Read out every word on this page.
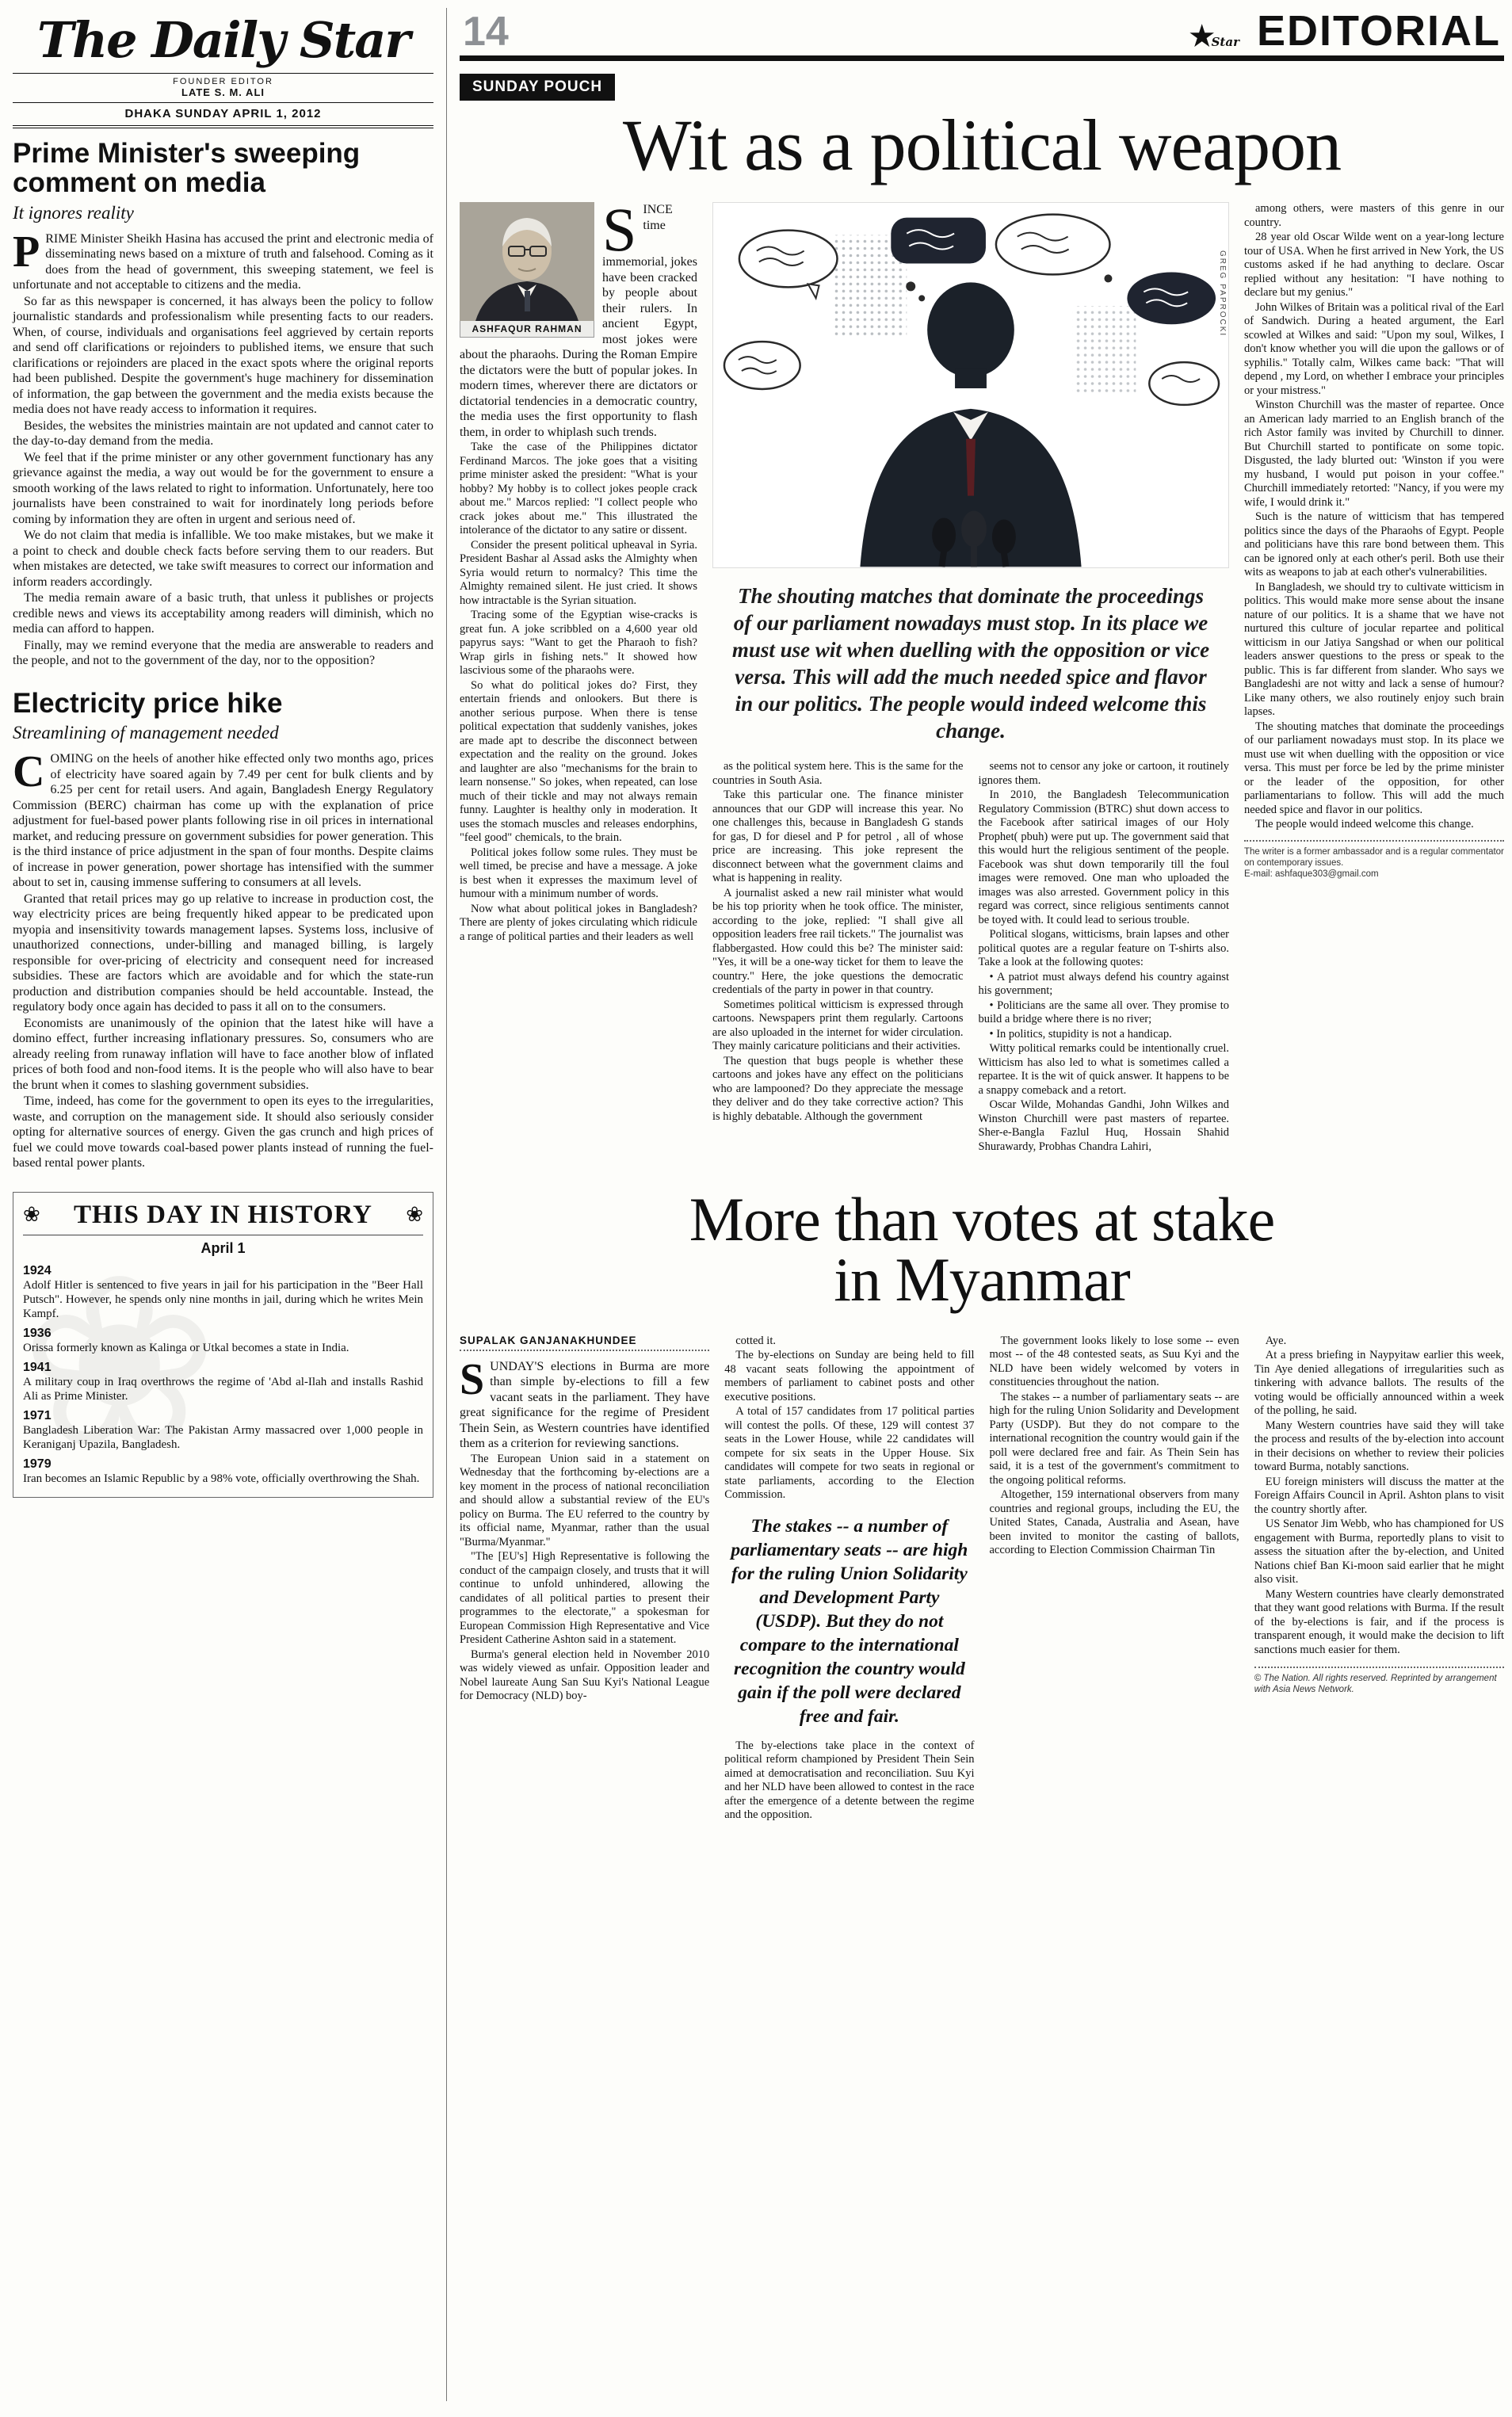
The Daily Star
FOUNDER EDITOR
LATE S. M. ALI
DHAKA SUNDAY APRIL 1, 2012
Prime Minister's sweeping comment on media
It ignores reality

PRIME Minister Sheikh Hasina has accused the print and electronic media of disseminating news based on a mixture of truth and falsehood. Coming as it does from the head of government, this sweeping statement, we feel is unfortunate and not acceptable to citizens and the media.

So far as this newspaper is concerned, it has always been the policy to follow journalistic standards and professionalism while presenting facts to our readers. When, of course, individuals and organisations feel aggrieved by certain reports and send off clarifications or rejoinders to published items, we ensure that such clarifications or rejoinders are placed in the exact spots where the original reports had been published. Despite the government's huge machinery for dissemination of information, the gap between the government and the media exists because the media does not have ready access to information it requires.

Besides, the websites the ministries maintain are not updated and cannot cater to the day-to-day demand from the media.

We feel that if the prime minister or any other government functionary has any grievance against the media, a way out would be for the government to ensure a smooth working of the laws related to right to information. Unfortunately, here too journalists have been constrained to wait for inordinately long periods before coming by information they are often in urgent and serious need of.

We do not claim that media is infallible. We too make mistakes, but we make it a point to check and double check facts before serving them to our readers. But when mistakes are detected, we take swift measures to correct our information and inform readers accordingly.

The media remain aware of a basic truth, that unless it publishes or projects credible news and views its acceptability among readers will diminish, which no media can afford to happen.

Finally, may we remind everyone that the media are answerable to readers and the people, and not to the government of the day, nor to the opposition?

Electricity price hike
Streamlining of management needed

COMING on the heels of another hike effected only two months ago, prices of electricity have soared again by 7.49 per cent for bulk clients and by 6.25 per cent for retail users. And again, Bangladesh Energy Regulatory Commission (BERC) chairman has come up with the explanation of price adjustment for fuel-based power plants following rise in oil prices in international market, and reducing pressure on government subsidies for power generation. This is the third instance of price adjustment in the span of four months. Despite claims of increase in power generation, power shortage has intensified with the summer about to set in, causing immense suffering to consumers at all levels.

Granted that retail prices may go up relative to increase in production cost, the way electricity prices are being frequently hiked appear to be predicated upon myopia and insensitivity towards management lapses. Systems loss, inclusive of unauthorized connections, under-billing and managed billing, is largely responsible for over-pricing of electricity and consequent need for increased subsidies. These are factors which are avoidable and for which the state-run production and distribution companies should be held accountable. Instead, the regulatory body once again has decided to pass it all on to the consumers.

Economists are unanimously of the opinion that the latest hike will have a domino effect, further increasing inflationary pressures. So, consumers who are already reeling from runaway inflation will have to face another blow of inflated prices of both food and non-food items. It is the people who will also have to bear the brunt when it comes to slashing government subsidies.

Time, indeed, has come for the government to open its eyes to the irregularities, waste, and corruption on the management side. It should also seriously consider opting for alternative sources of energy. Given the gas crunch and high prices of fuel we could move towards coal-based power plants instead of running the fuel-based rental power plants.

❀ ❀ THIS DAY IN HISTORY ❀
April 1
1924
Adolf Hitler is sentenced to five years in jail for his participation in the "Beer Hall Putsch". However, he spends only nine months in jail, during which he writes Mein Kampf.
1936
Orissa formerly known as Kalinga or Utkal becomes a state in India.
1941
A military coup in Iraq overthrows the regime of 'Abd al-Ilah and installs Rashid Ali as Prime Minister.
1971
Bangladesh Liberation War: The Pakistan Army massacred over 1,000 people in Keraniganj Upazila, Bangladesh.
1979
Iran becomes an Islamic Republic by a 98% vote, officially overthrowing the Shah.
14	★
Star EDITORIAL
SUNDAY POUCH
Wit as a political weapon
ASHFAQUR RAHMAN

SINCE time immemorial, jokes have been cracked by people about their rulers. In ancient Egypt, most jokes were about the pharaohs. During the Roman Empire the dictators were the butt of popular jokes. In modern times, wherever there are dictators or dictatorial tendencies in a democratic country, the media uses the first opportunity to flash them, in order to whiplash such trends.

Take the case of the Philippines dictator Ferdinand Marcos. The joke goes that a visiting prime minister asked the president: "What is your hobby? My hobby is to collect jokes people crack about me." Marcos replied: "I collect people who crack jokes about me." This illustrated the intolerance of the dictator to any satire or dissent.

Consider the present political upheaval in Syria. President Bashar al Assad asks the Almighty when Syria would return to normalcy? This time the Almighty remained silent. He just cried. It shows how intractable is the Syrian situation.

Tracing some of the Egyptian wise-cracks is great fun. A joke scribbled on a 4,600 year old papyrus says: "Want to get the Pharaoh to fish? Wrap girls in fishing nets." It showed how lascivious some of the pharaohs were.

So what do political jokes do? First, they entertain friends and onlookers. But there is another serious purpose. When there is tense political expectation that suddenly vanishes, jokes are made apt to describe the disconnect between expectation and the reality on the ground. Jokes and laughter are also "mechanisms for the brain to learn nonsense." So jokes, when repeated, can lose much of their tickle and may not always remain funny. Laughter is healthy only in moderation. It uses the stomach muscles and releases endorphins, "feel good" chemicals, to the brain.

Political jokes follow some rules. They must be well timed, be precise and have a message. A joke is best when it expresses the maximum level of humour with a minimum number of words.

Now what about political jokes in Bangladesh? There are plenty of jokes circulating which ridicule a range of political parties and their leaders as well

GREG PAPROCKI
The shouting matches that dominate the proceedings of our parliament nowadays must stop. In its place we must use wit when duelling with the opposition or vice versa. This will add the much needed spice and flavor in our politics. The people would indeed welcome this change.

as the political system here. This is the same for the countries in South Asia.

Take this particular one. The finance minister announces that our GDP will increase this year. No one challenges this, because in Bangladesh G stands for gas, D for diesel and P for petrol , all of whose price are increasing. This joke represent the disconnect between what the government claims and what is happening in reality.

A journalist asked a new rail minister what would be his top priority when he took office. The minister, according to the joke, replied: "I shall give all opposition leaders free rail tickets." The journalist was flabbergasted. How could this be? The minister said: "Yes, it will be a one-way ticket for them to leave the country." Here, the joke questions the democratic credentials of the party in power in that country.

Sometimes political witticism is expressed through cartoons. Newspapers print them regularly. Cartoons are also uploaded in the internet for wider circulation. They mainly caricature politicians and their activities.

The question that bugs people is whether these cartoons and jokes have any effect on the politicians who are lampooned? Do they appreciate the message they deliver and do they take corrective action? This is highly debatable. Although the government

seems not to censor any joke or cartoon, it routinely ignores them.

In 2010, the Bangladesh Telecommunication Regulatory Commission (BTRC) shut down access to the Facebook after satirical images of our Holy Prophet( pbuh) were put up. The government said that this would hurt the religious sentiment of the people. Facebook was shut down temporarily till the foul images were removed. One man who uploaded the images was also arrested. Government policy in this regard was correct, since religious sentiments cannot be toyed with. It could lead to serious trouble.

Political slogans, witticisms, brain lapses and other political quotes are a regular feature on T-shirts also. Take a look at the following quotes:

• A patriot must always defend his country against his government;

• Politicians are the same all over. They promise to build a bridge where there is no river;

• In politics, stupidity is not a handicap.

Witty political remarks could be intentionally cruel. Witticism has also led to what is sometimes called a repartee. It is the wit of quick answer. It happens to be a snappy comeback and a retort.

Oscar Wilde, Mohandas Gandhi, John Wilkes and Winston Churchill were past masters of repartee. Sher-e-Bangla Fazlul Huq, Hossain Shahid Shurawardy, Probhas Chandra Lahiri,

among others, were masters of this genre in our country.

28 year old Oscar Wilde went on a year-long lecture tour of USA. When he first arrived in New York, the US customs asked if he had anything to declare. Oscar replied without any hesitation: "I have nothing to declare but my genius."

John Wilkes of Britain was a political rival of the Earl of Sandwich. During a heated argument, the Earl scowled at Wilkes and said: "Upon my soul, Wilkes, I don't know whether you will die upon the gallows or of syphilis." Totally calm, Wilkes came back: "That will depend , my Lord, on whether I embrace your principles or your mistress."

Winston Churchill was the master of repartee. Once an American lady married to an English branch of the rich Astor family was invited by Churchill to dinner. But Churchill started to pontificate on some topic. Disgusted, the lady blurted out: 'Winston if you were my husband, I would put poison in your coffee." Churchill immediately retorted: "Nancy, if you were my wife, I would drink it."

Such is the nature of witticism that has tempered politics since the days of the Pharaohs of Egypt. People and politicians have this rare bond between them. This can be ignored only at each other's peril. Both use their wits as weapons to jab at each other's vulnerabilities.

In Bangladesh, we should try to cultivate witticism in politics. This would make more sense about the insane nature of our politics. It is a shame that we have not nurtured this culture of jocular repartee and political witticism in our Jatiya Sangshad or when our political leaders answer questions to the press or speak to the public. This is far different from slander. Who says we Bangladeshi are not witty and lack a sense of humour? Like many others, we also routinely enjoy such brain lapses.

The shouting matches that dominate the proceedings of our parliament nowadays must stop. In its place we must use wit when duelling with the opposition or vice versa. This must per force be led by the prime minister or the leader of the opposition, for other parliamentarians to follow. This will add the much needed spice and flavor in our politics.

The people would indeed welcome this change.

The writer is a former ambassador and is a regular commentator on contemporary issues.
E-mail: ashfaque303@gmail.com
More than votes at stake
in Myanmar
SUPALAK GANJANAKHUNDEE

SUNDAY'S elections in Burma are more than simple by-elections to fill a few vacant seats in the parliament. They have great significance for the regime of President Thein Sein, as Western countries have identified them as a criterion for reviewing sanctions.

The European Union said in a statement on Wednesday that the forthcoming by-elections are a key moment in the process of national reconciliation and should allow a substantial review of the EU's policy on Burma. The EU referred to the country by its official name, Myanmar, rather than the usual "Burma/Myanmar."

"The [EU's] High Representative is following the conduct of the campaign closely, and trusts that it will continue to unfold unhindered, allowing the candidates of all political parties to present their programmes to the electorate," a spokesman for European Commission High Representative and Vice President Catherine Ashton said in a statement.

Burma's general election held in November 2010 was widely viewed as unfair. Opposition leader and Nobel laureate Aung San Suu Kyi's National League for Democracy (NLD) boy-

cotted it.

The by-elections on Sunday are being held to fill 48 vacant seats following the appointment of members of parliament to cabinet posts and other executive positions.

A total of 157 candidates from 17 political parties will contest the polls. Of these, 129 will contest 37 seats in the Lower House, while 22 candidates will compete for six seats in the Upper House. Six candidates will compete for two seats in regional or state parliaments, according to the Election Commission.

The stakes -- a number of parliamentary seats -- are high for the ruling Union Solidarity and Development Party (USDP). But they do not compare to the international recognition the country would gain if the poll were declared free and fair.

The by-elections take place in the context of political reform championed by President Thein Sein aimed at democratisation and reconciliation. Suu Kyi and her NLD have been allowed to contest in the race after the emergence of a detente between the regime and the opposition.

The government looks likely to lose some -- even most -- of the 48 contested seats, as Suu Kyi and the NLD have been widely welcomed by voters in constituencies throughout the nation.

The stakes -- a number of parliamentary seats -- are high for the ruling Union Solidarity and Development Party (USDP). But they do not compare to the international recognition the country would gain if the poll were declared free and fair. As Thein Sein has said, it is a test of the government's commitment to the ongoing political reforms.

Altogether, 159 international observers from many countries and regional groups, including the EU, the United States, Canada, Australia and Asean, have been invited to monitor the casting of ballots, according to Election Commission Chairman Tin

Aye.

At a press briefing in Naypyitaw earlier this week, Tin Aye denied allegations of irregularities such as tinkering with advance ballots. The results of the voting would be officially announced within a week of the polling, he said.

Many Western countries have said they will take the process and results of the by-election into account in their decisions on whether to review their policies toward Burma, notably sanctions.

EU foreign ministers will discuss the matter at the Foreign Affairs Council in April. Ashton plans to visit the country shortly after.

US Senator Jim Webb, who has championed for US engagement with Burma, reportedly plans to visit to assess the situation after the by-election, and United Nations chief Ban Ki-moon said earlier that he might also visit.

Many Western countries have clearly demonstrated that they want good relations with Burma. If the result of the by-elections is fair, and if the process is transparent enough, it would make the decision to lift sanctions much easier for them.

© The Nation. All rights reserved. Reprinted by arrangement with Asia News Network.
